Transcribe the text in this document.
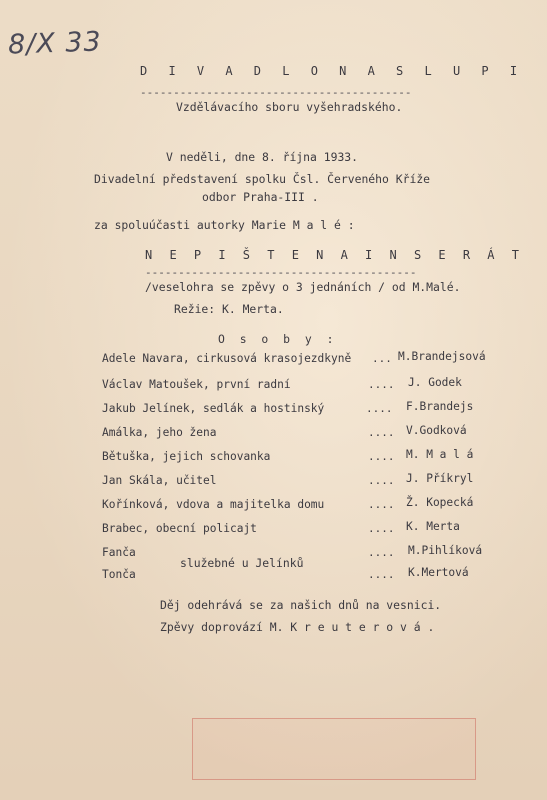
8/X 33
D I V A D L O N A S L U P I
-----------------------------------------
Vzdělávacího sboru vyšehradského.
V neděli, dne 8. října 1933.
Divadelní představení spolku Čsl. Červeného Kříže
odbor Praha-III .
za spoluúčasti autorky Marie M a l é :
N E P I Š T E N A I N S E R Á T
-----------------------------------------
/veselohra se zpěvy o 3 jednáních / od M.Malé.
Režie: K. Merta.
O s o b y :
Adele Navara, cirkusová krasojezdkyně ... M.Brandejsová
Václav Matoušek, první radní	.... J. Godek
Jakub Jelínek, sedlák a hostinský	.... F.Brandejs
Amálka, jeho žena	.... V.Godková
Bětuška, jejich schovanka	.... M. M a l á
Jan Skála, učitel	.... J. Příkryl
Kořínková, vdova a majitelka domu	.... Ž. Kopecká
Brabec, obecní policajt	.... K. Merta
Fanča	.... M.Pihlíková
Tonča	.... K.Mertová
služebné u Jelínků
Děj odehrává se za našich dnů na vesnici.
Zpěvy doprovází M. K r e u t e r o v á .
